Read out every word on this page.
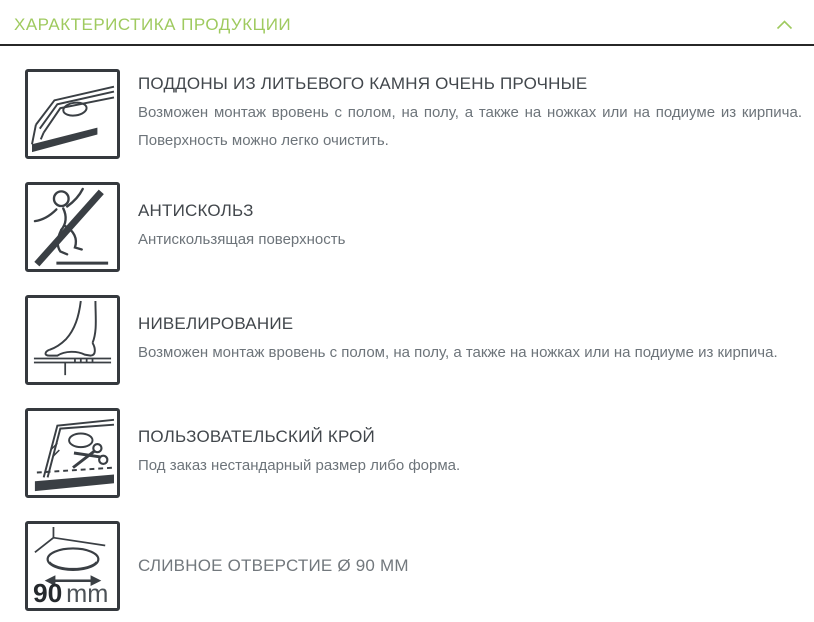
ХАРАКТЕРИСТИКА ПРОДУКЦИИ
ПОДДОНЫ ИЗ ЛИТЬЕВОГО КАМНЯ ОЧЕНЬ ПРОЧНЫЕ

Возможен монтаж вровень с полом, на полу, а также на ножках или на подиуме из кирпича. Поверхность можно легко очистить.

АНТИСКОЛЬЗ

Антискользящая поверхность

НИВЕЛИРОВАНИЕ

Возможен монтаж вровень с полом, на полу, а также на ножках или на подиуме из кирпича.

ПОЛЬЗОВАТЕЛЬСКИЙ КРОЙ

Под заказ нестандарный размер либо форма.

90 mm
СЛИВНОЕ ОТВЕРСТИЕ Ø 90 ММ
